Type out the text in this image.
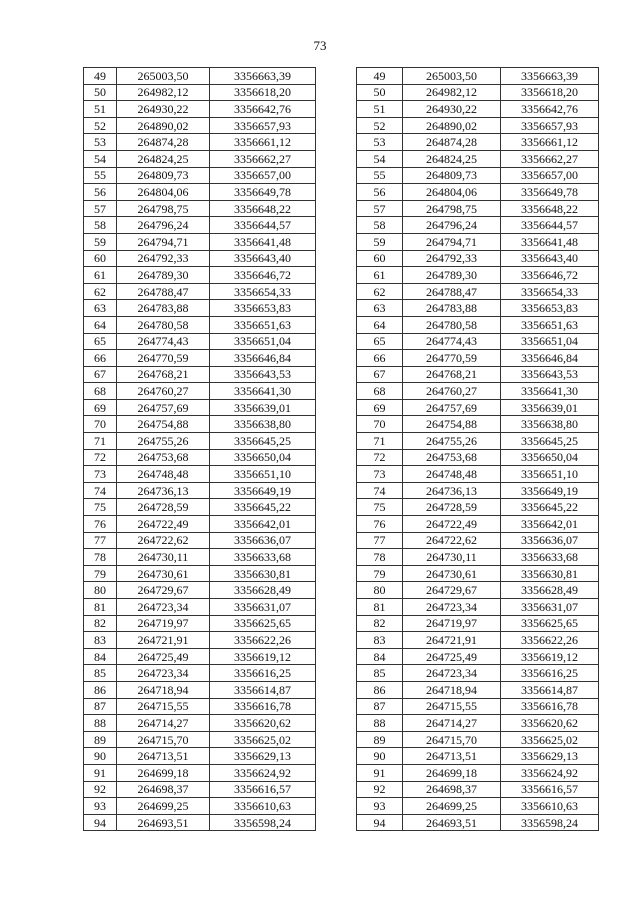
73
49	265003,50	3356663,39
50	264982,12	3356618,20
51	264930,22	3356642,76
52	264890,02	3356657,93
53	264874,28	3356661,12
54	264824,25	3356662,27
55	264809,73	3356657,00
56	264804,06	3356649,78
57	264798,75	3356648,22
58	264796,24	3356644,57
59	264794,71	3356641,48
60	264792,33	3356643,40
61	264789,30	3356646,72
62	264788,47	3356654,33
63	264783,88	3356653,83
64	264780,58	3356651,63
65	264774,43	3356651,04
66	264770,59	3356646,84
67	264768,21	3356643,53
68	264760,27	3356641,30
69	264757,69	3356639,01
70	264754,88	3356638,80
71	264755,26	3356645,25
72	264753,68	3356650,04
73	264748,48	3356651,10
74	264736,13	3356649,19
75	264728,59	3356645,22
76	264722,49	3356642,01
77	264722,62	3356636,07
78	264730,11	3356633,68
79	264730,61	3356630,81
80	264729,67	3356628,49
81	264723,34	3356631,07
82	264719,97	3356625,65
83	264721,91	3356622,26
84	264725,49	3356619,12
85	264723,34	3356616,25
86	264718,94	3356614,87
87	264715,55	3356616,78
88	264714,27	3356620,62
89	264715,70	3356625,02
90	264713,51	3356629,13
91	264699,18	3356624,92
92	264698,37	3356616,57
93	264699,25	3356610,63
94	264693,51	3356598,24
49	265003,50	3356663,39
50	264982,12	3356618,20
51	264930,22	3356642,76
52	264890,02	3356657,93
53	264874,28	3356661,12
54	264824,25	3356662,27
55	264809,73	3356657,00
56	264804,06	3356649,78
57	264798,75	3356648,22
58	264796,24	3356644,57
59	264794,71	3356641,48
60	264792,33	3356643,40
61	264789,30	3356646,72
62	264788,47	3356654,33
63	264783,88	3356653,83
64	264780,58	3356651,63
65	264774,43	3356651,04
66	264770,59	3356646,84
67	264768,21	3356643,53
68	264760,27	3356641,30
69	264757,69	3356639,01
70	264754,88	3356638,80
71	264755,26	3356645,25
72	264753,68	3356650,04
73	264748,48	3356651,10
74	264736,13	3356649,19
75	264728,59	3356645,22
76	264722,49	3356642,01
77	264722,62	3356636,07
78	264730,11	3356633,68
79	264730,61	3356630,81
80	264729,67	3356628,49
81	264723,34	3356631,07
82	264719,97	3356625,65
83	264721,91	3356622,26
84	264725,49	3356619,12
85	264723,34	3356616,25
86	264718,94	3356614,87
87	264715,55	3356616,78
88	264714,27	3356620,62
89	264715,70	3356625,02
90	264713,51	3356629,13
91	264699,18	3356624,92
92	264698,37	3356616,57
93	264699,25	3356610,63
94	264693,51	3356598,24
